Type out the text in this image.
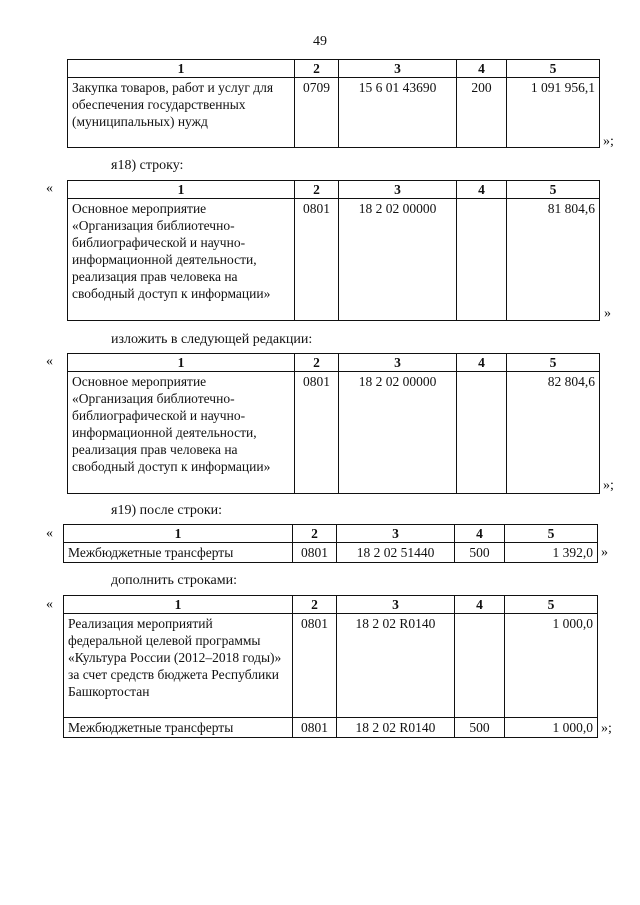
49
1	2	3	4	5
Закупка товаров, работ и услуг для обеспечения государственных (муниципальных) нужд	0709	15 6 01 43690	200	1 091 956,1
»;
я18) строку:
«	1	2	3	4	5
Основное мероприятие «Организация библиотечно-библиографической и научно-информационной деятельности, реализация прав человека на свободный доступ к информации»	0801	18 2 02 00000		81 804,6
»
изложить в следующей редакции:
«	1	2	3	4	5
Основное мероприятие «Организация библиотечно-библиографической и научно-информационной деятельности, реализация прав человека на свободный доступ к информации»	0801	18 2 02 00000		82 804,6
»;
я19) после строки:
«	1	2	3	4	5
Межбюджетные трансферты	0801	18 2 02 51440	500	1 392,0 »
дополнить строками:
«	1	2	3	4	5
Реализация мероприятий федеральной целевой программы «Культура России (2012–2018 годы)» за счет средств бюджета Республики Башкортостан	0801	18 2 02 R0140		1 000,0
Межбюджетные трансферты	0801	18 2 02 R0140	500	1 000,0 »;
